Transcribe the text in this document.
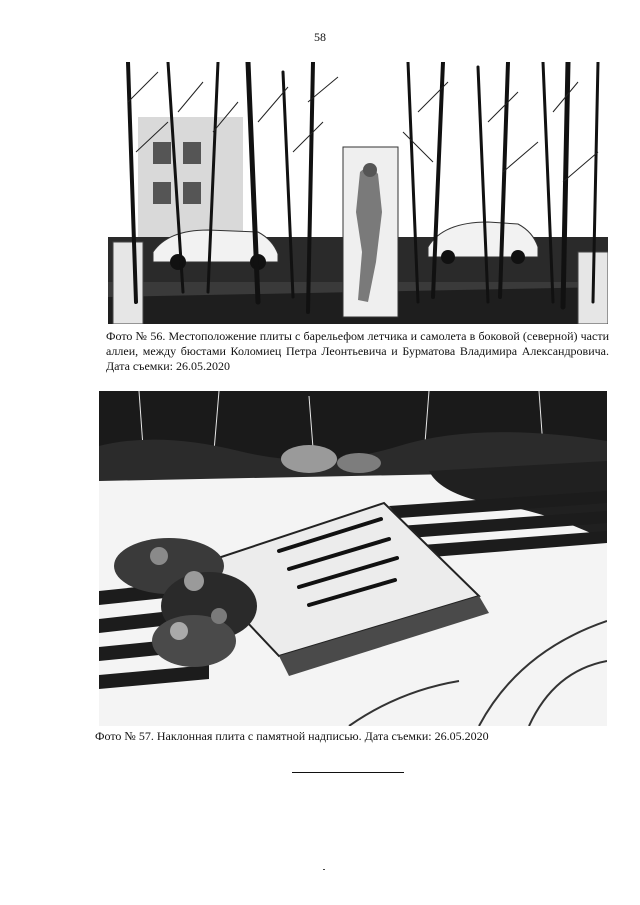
58
Фото № 56. Местоположение плиты с барельефом летчика и самолета в боковой (северной) части аллеи, между бюстами Коломиец Петра Леонтьевича и Бурматова Владимира Александровича. Дата съемки: 26.05.2020
Фото № 57. Наклонная плита с памятной надписью. Дата съемки: 26.05.2020
